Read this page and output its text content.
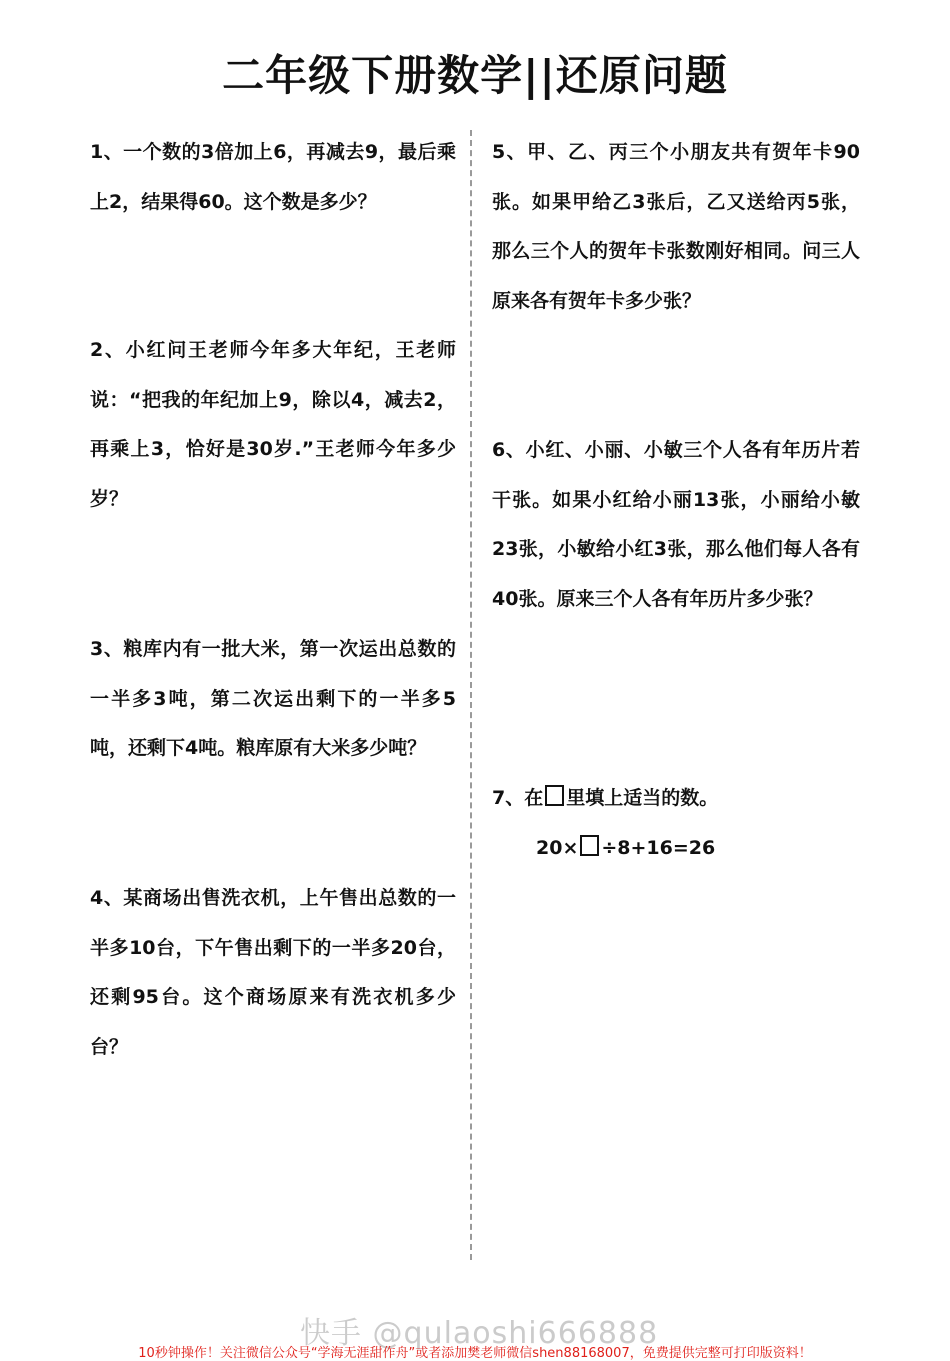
二年级下册数学||还原问题
1、一个数的3倍加上6，再减去9，最后乘上2，结果得60。这个数是多少？
2、小红问王老师今年多大年纪，王老师说：“把我的年纪加上9，除以4，减去2，再乘上3，恰好是30岁.”王老师今年多少岁？
3、粮库内有一批大米，第一次运出总数的一半多3吨，第二次运出剩下的一半多5吨，还剩下4吨。粮库原有大米多少吨？
4、某商场出售洗衣机，上午售出总数的一半多10台，下午售出剩下的一半多20台，还剩95台。这个商场原来有洗衣机多少台？
5、甲、乙、丙三个小朋友共有贺年卡90张。如果甲给乙3张后，乙又送给丙5张，那么三个人的贺年卡张数刚好相同。问三人原来各有贺年卡多少张？
6、小红、小丽、小敏三个人各有年历片若干张。如果小红给小丽13张，小丽给小敏23张，小敏给小红3张，那么他们每人各有40张。原来三个人各有年历片多少张？
7、在 里填上适当的数。
20× ÷8+16=26
快手 @qulaoshi666888
10秒钟操作！关注微信公众号“学海无涯甜作舟”或者添加樊老师微信shen88168007，免费提供完整可打印版资料！
